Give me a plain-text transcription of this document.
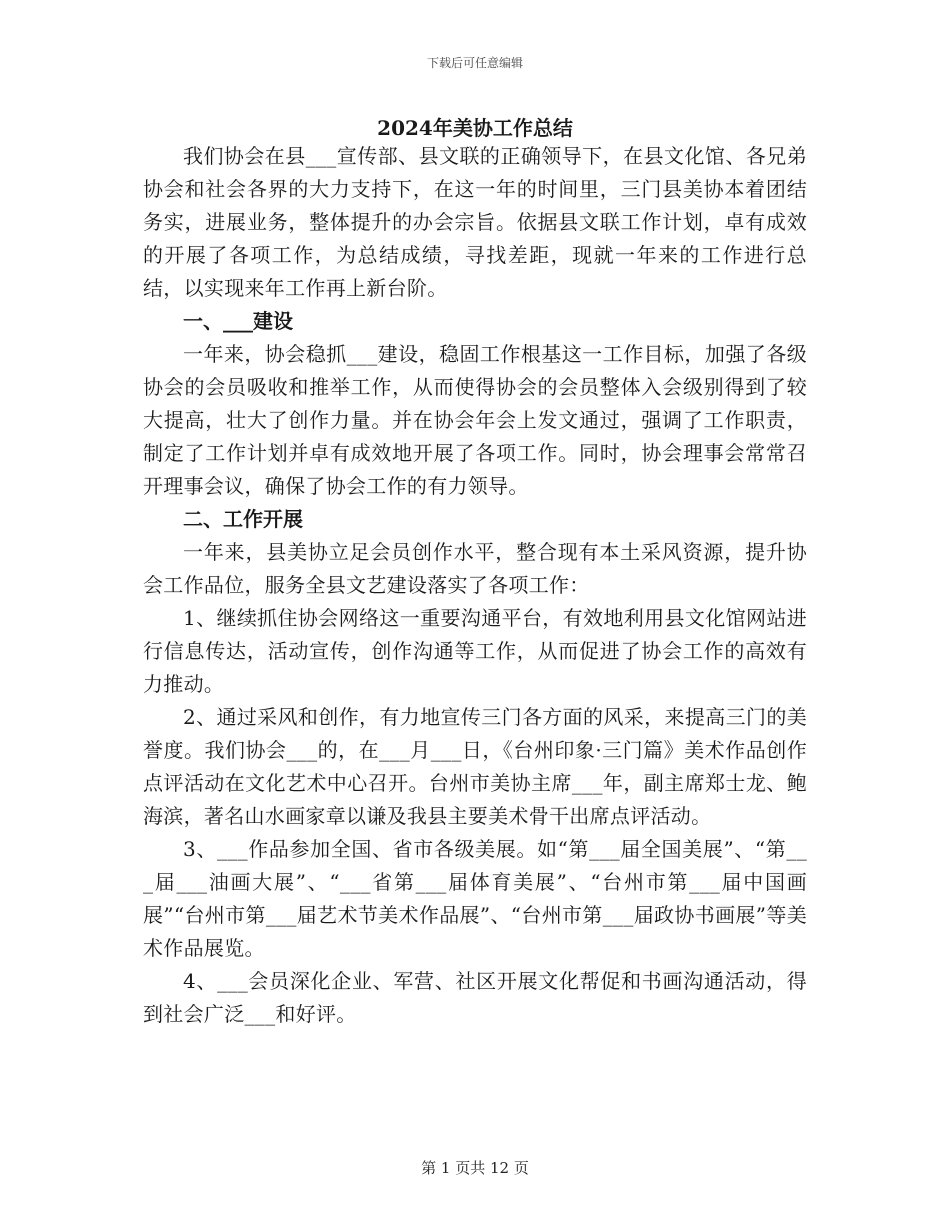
下载后可任意编辑
2024年美协工作总结

我们协会在县___宣传部、县文联的正确领导下，在县文化馆、各兄弟协会和社会各界的大力支持下，在这一年的时间里，三门县美协本着团结务实，进展业务，整体提升的办会宗旨。依据县文联工作计划，卓有成效的开展了各项工作，为总结成绩，寻找差距，现就一年来的工作进行总结，以实现来年工作再上新台阶。

一、___建设

一年来，协会稳抓___建设，稳固工作根基这一工作目标，加强了各级协会的会员吸收和推举工作，从而使得协会的会员整体入会级别得到了较大提高，壮大了创作力量。并在协会年会上发文通过，强调了工作职责，制定了工作计划并卓有成效地开展了各项工作。同时，协会理事会常常召开理事会议，确保了协会工作的有力领导。

二、工作开展

一年来，县美协立足会员创作水平，整合现有本土采风资源，提升协会工作品位，服务全县文艺建设落实了各项工作：

1、继续抓住协会网络这一重要沟通平台，有效地利用县文化馆网站进行信息传达，活动宣传，创作沟通等工作，从而促进了协会工作的高效有力推动。

2、通过采风和创作，有力地宣传三门各方面的风采，来提高三门的美誉度。我们协会___的，在___月___日，《台州印象·三门篇》美术作品创作点评活动在文化艺术中心召开。台州市美协主席___年，副主席郑士龙、鲍海滨，著名山水画家章以谦及我县主要美术骨干出席点评活动。

3、___作品参加全国、省市各级美展。如“第___届全国美展”、“第___届___油画大展”、“___省第___届体育美展”、“台州市第___届中国画展”“台州市第___届艺术节美术作品展”、“台州市第___届政协书画展”等美术作品展览。

4、___会员深化企业、军营、社区开展文化帮促和书画沟通活动，得到社会广泛___和好评。

第 1 页共 12 页
